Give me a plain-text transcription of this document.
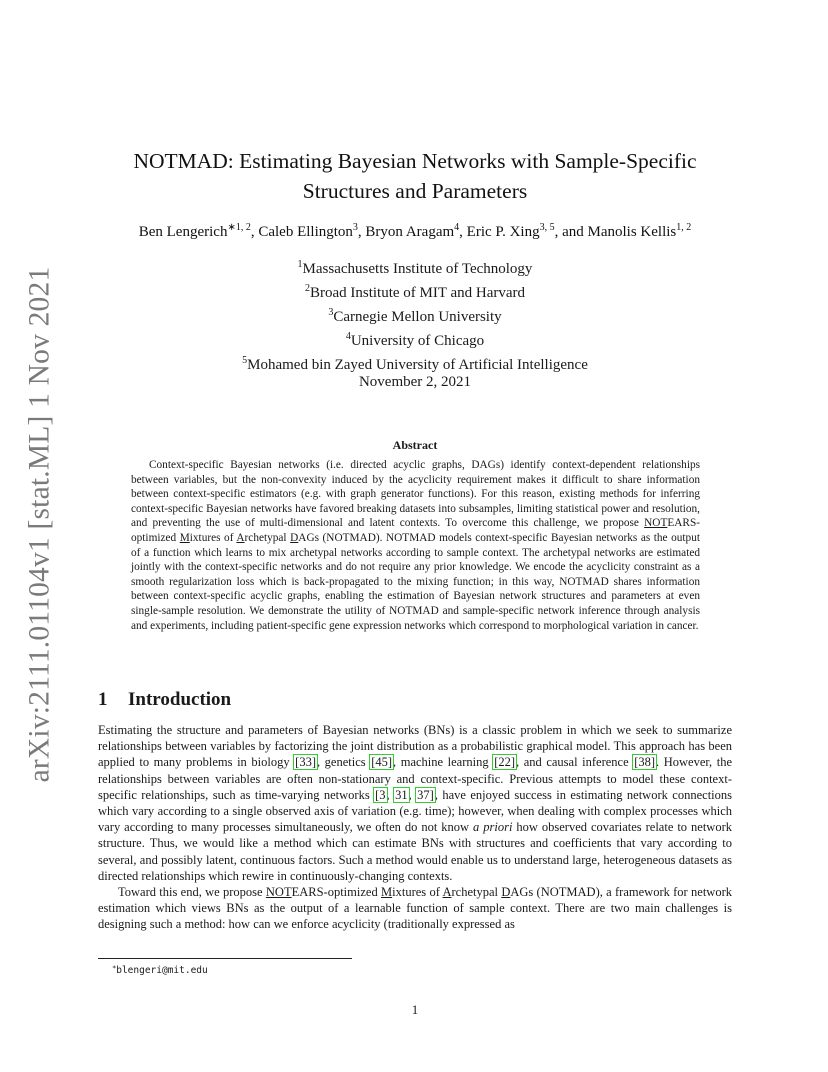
arXiv:2111.01104v1 [stat.ML] 1 Nov 2021
NOTMAD: Estimating Bayesian Networks with Sample-Specific
Structures and Parameters
Ben Lengerich$^{∗1, 2}$, Caleb Ellington$^3$, Bryon Aragam$^4$, Eric P. Xing$^{3, 5}$, and Manolis Kellis$^{1, 2}$
$^1$Massachusetts Institute of Technology
$^2$Broad Institute of MIT and Harvard
$^3$Carnegie Mellon University
$^4$University of Chicago
$^5$Mohamed bin Zayed University of Artificial Intelligence
November 2, 2021
Abstract

Context-specific Bayesian networks (i.e. directed acyclic graphs, DAGs) identify context-dependent relationships between variables, but the non-convexity induced by the acyclicity requirement makes it difficult to share information between context-specific estimators (e.g. with graph generator functions). For this reason, existing methods for inferring context-specific Bayesian networks have favored breaking datasets into subsamples, limiting statistical power and resolution, and preventing the use of multi-dimensional and latent contexts. To overcome this challenge, we propose NOTEARS-optimized Mixtures of Archetypal DAGs (NOTMAD). NOTMAD models context-specific Bayesian networks as the output of a function which learns to mix archetypal networks according to sample context. The archetypal networks are estimated jointly with the context-specific networks and do not require any prior knowledge. We encode the acyclicity constraint as a smooth regularization loss which is back-propagated to the mixing function; in this way, NOTMAD shares information between context-specific acyclic graphs, enabling the estimation of Bayesian network structures and parameters at even single-sample resolution. We demonstrate the utility of NOTMAD and sample-specific network inference through analysis and experiments, including patient-specific gene expression networks which correspond to morphological variation in cancer.

1 Introduction

Estimating the structure and parameters of Bayesian networks (BNs) is a classic problem in which we seek to summarize relationships between variables by factorizing the joint distribution as a probabilistic graphical model. This approach has been applied to many problems in biology [33], genetics [45], machine learning [22], and causal inference [38]. However, the relationships between variables are often non-stationary and context-specific. Previous attempts to model these context-specific relationships, such as time-varying networks [3, 31, 37], have enjoyed success in estimating network connections which vary according to a single observed axis of variation (e.g. time); however, when dealing with complex processes which vary according to many processes simultaneously, we often do not know a priori how observed covariates relate to network structure. Thus, we would like a method which can estimate BNs with structures and coefficients that vary according to several, and possibly latent, continuous factors. Such a method would enable us to understand large, heterogeneous datasets as directed relationships which rewire in continuously-changing contexts.

Toward this end, we propose NOTEARS-optimized Mixtures of Archetypal DAGs (NOTMAD), a framework for network estimation which views BNs as the output of a learnable function of sample context. There are two main challenges is designing such a method: how can we enforce acyclicity (traditionally expressed as

∗blengeri@mit.edu
1
